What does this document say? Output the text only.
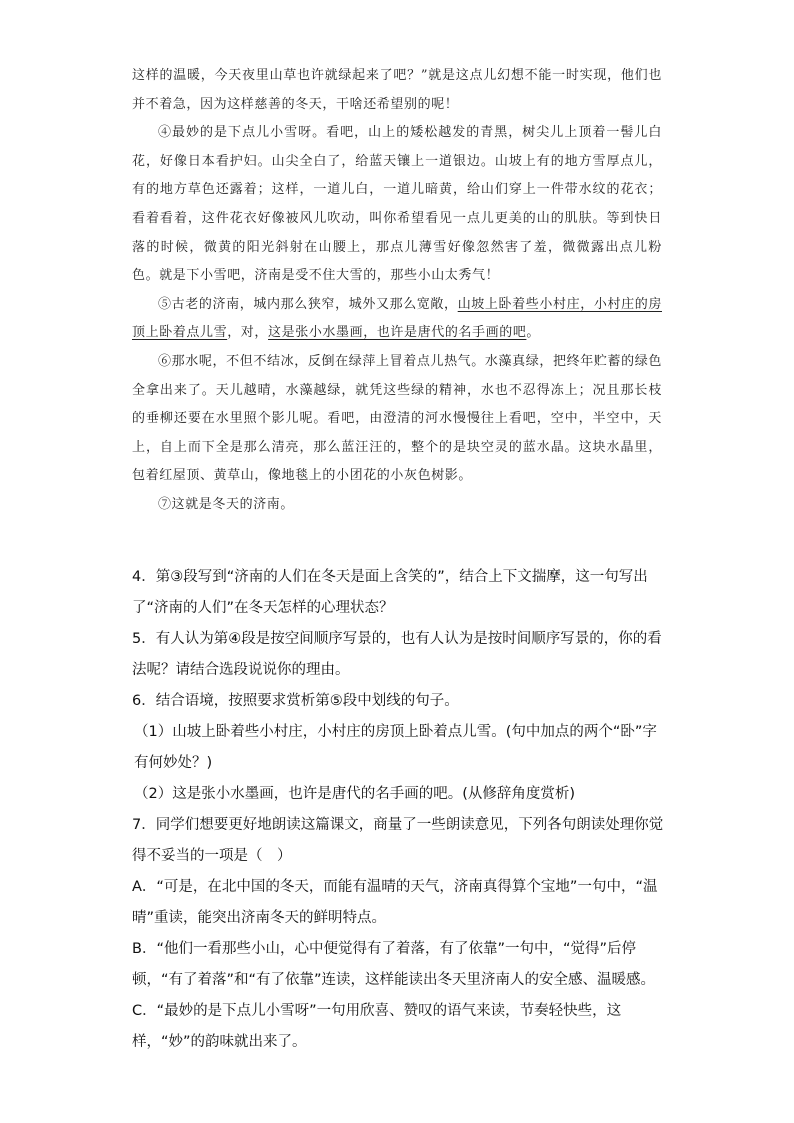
这样的温暖，今天夜里山草也许就绿起来了吧？”就是这点儿幻想不能一时实现，他们也并不着急，因为这样慈善的冬天，干啥还希望别的呢！

④最妙的是下点儿小雪呀。看吧，山上的矮松越发的青黑，树尖儿上顶着一髻儿白花，好像日本看护妇。山尖全白了，给蓝天镶上一道银边。山坡上有的地方雪厚点儿，有的地方草色还露着；这样，一道儿白，一道儿暗黄，给山们穿上一件带水纹的花衣；看着看着，这件花衣好像被风儿吹动，叫你希望看见一点儿更美的山的肌肤。等到快日落的时候，微黄的阳光斜射在山腰上，那点儿薄雪好像忽然害了羞，微微露出点儿粉色。就是下小雪吧，济南是受不住大雪的，那些小山太秀气！

⑤古老的济南，城内那么狭窄，城外又那么宽敞，山坡上卧着些小村庄，小村庄的房顶上卧着点儿雪，对，这是张小水墨画，也许是唐代的名手画的吧。

⑥那水呢，不但不结冰，反倒在绿萍上冒着点儿热气。水藻真绿，把终年贮蓄的绿色全拿出来了。天儿越晴，水藻越绿，就凭这些绿的精神，水也不忍得冻上；况且那长枝的垂柳还要在水里照个影儿呢。看吧，由澄清的河水慢慢往上看吧，空中，半空中，天上，自上而下全是那么清亮，那么蓝汪汪的，整个的是块空灵的蓝水晶。这块水晶里，包着红屋顶、黄草山，像地毯上的小团花的小灰色树影。

⑦这就是冬天的济南。

4．第③段写到“济南的人们在冬天是面上含笑的”，结合上下文揣摩，这一句写出了“济南的人们”在冬天怎样的心理状态？

5．有人认为第④段是按空间顺序写景的，也有人认为是按时间顺序写景的，你的看法呢？请结合选段说说你的理由。

6．结合语境，按照要求赏析第⑤段中划线的句子。

（1）山坡上卧着些小村庄，小村庄的房顶上卧着点儿雪。(句中加点的两个“卧”字有何妙处？)

（2）这是张小水墨画，也许是唐代的名手画的吧。(从修辞角度赏析)

7．同学们想要更好地朗读这篇课文，商量了一些朗读意见，下列各句朗读处理你觉得不妥当的一项是（　）

A．“可是，在北中国的冬天，而能有温晴的天气，济南真得算个宝地”一句中，“温晴”重读，能突出济南冬天的鲜明特点。

B．“他们一看那些小山，心中便觉得有了着落，有了依靠”一句中，“觉得”后停顿，“有了着落”和“有了依靠”连读，这样能读出冬天里济南人的安全感、温暖感。

C．“最妙的是下点儿小雪呀”一句用欣喜、赞叹的语气来读，节奏轻快些，这样，“妙”的韵味就出来了。
